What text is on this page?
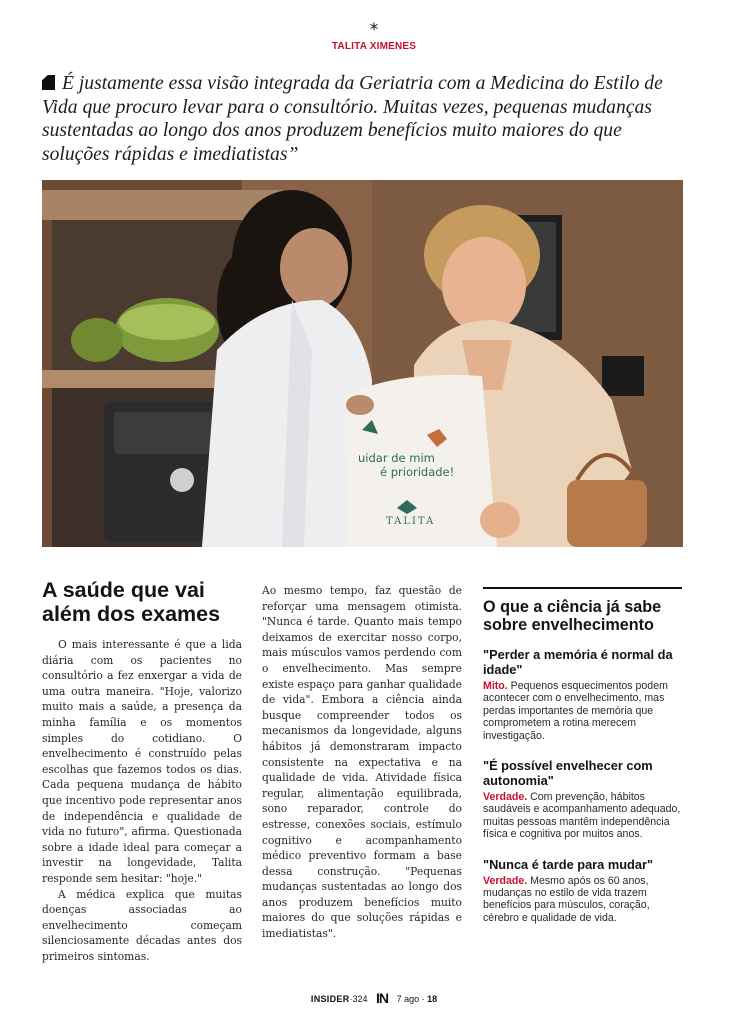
*
TALITA XIMENES
É justamente essa visão integrada da Geriatria com a Medicina do Estilo de Vida que procuro levar para o consultório. Muitas vezes, pequenas mudanças sustentadas ao longo dos anos produzem benefícios muito maiores do que soluções rápidas e imediatistas”
uidar de mim
é prioridade!
TALITA
A saúde que vai além dos exames

O mais interessante é que a lida diária com os pacientes no consultório a fez enxergar a vida de uma outra maneira. "Hoje, valorizo muito mais a saúde, a presença da minha família e os momentos simples do cotidiano. O envelhecimento é construído pelas escolhas que fazemos todos os dias. Cada pequena mudança de hábito que incentivo pode representar anos de independência e qualidade de vida no futuro", afirma. Questionada sobre a idade ideal para começar a investir na longevidade, Talita responde sem hesitar: "hoje."

A médica explica que muitas doenças associadas ao envelhecimento começam silenciosamente décadas antes dos primeiros sintomas.

Ao mesmo tempo, faz questão de reforçar uma mensagem otimista. "Nunca é tarde. Quanto mais tempo deixamos de exercitar nosso corpo, mais músculos vamos perdendo com o envelhecimento. Mas sempre existe espaço para ganhar qualidade de vida". Embora a ciência ainda busque compreender todos os mecanismos da longevidade, alguns hábitos já demonstraram impacto consistente na expectativa e na qualidade de vida. Atividade física regular, alimentação equilibrada, sono reparador, controle do estresse, conexões sociais, estímulo cognitivo e acompanhamento médico preventivo formam a base dessa construção. "Pequenas mudanças sustentadas ao longo dos anos produzem benefícios muito maiores do que soluções rápidas e imediatistas".

O que a ciência já sabe sobre envelhecimento
"Perder a memória é normal da idade"
Mito. Pequenos esquecimentos podem acontecer com o envelhecimento, mas perdas importantes de memória que comprometem a rotina merecem investigação.
"É possível envelhecer com autonomia"
Verdade. Com prevenção, hábitos saudáveis e acompanhamento adequado, muitas pessoas mantêm independência física e cognitiva por muitos anos.
"Nunca é tarde para mudar"
Verdade. Mesmo após os 60 anos, mudanças no estilo de vida trazem benefícios para músculos, coração, cérebro e qualidade de vida.
INSIDER·324 IN 7 ago · 18
